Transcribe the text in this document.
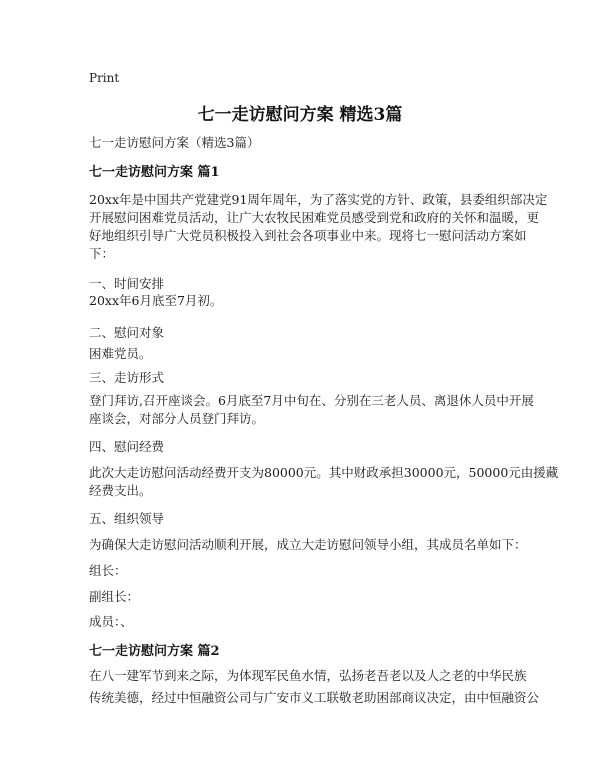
Print
七一走访慰问方案 精选3篇
七一走访慰问方案（精选3篇）
七一走访慰问方案 篇1
20xx年是中国共产党建党91周年周年，为了落实党的方针、政策，县委组织部决定
开展慰问困难党员活动，让广大农牧民困难党员感受到党和政府的关怀和温暖，更
好地组织引导广大党员积极投入到社会各项事业中来。现将七一慰问活动方案如
下：
一、时间安排
20xx年6月底至7月初。
二、慰问对象
困难党员。
三、走访形式
登门拜访,召开座谈会。6月底至7月中旬在、分别在三老人员、离退休人员中开展
座谈会，对部分人员登门拜访。
四、慰问经费
此次大走访慰问活动经费开支为80000元。其中财政承担30000元，50000元由援藏
经费支出。
五、组织领导
为确保大走访慰问活动顺利开展，成立大走访慰问领导小组，其成员名单如下：
组长：
副组长：
成员：、
七一走访慰问方案 篇2
在八一建军节到来之际，为体现军民鱼水情，弘扬老吾老以及人之老的中华民族
传统美德，经过中恒融资公司与广安市义工联敬老助困部商议决定，由中恒融资公
